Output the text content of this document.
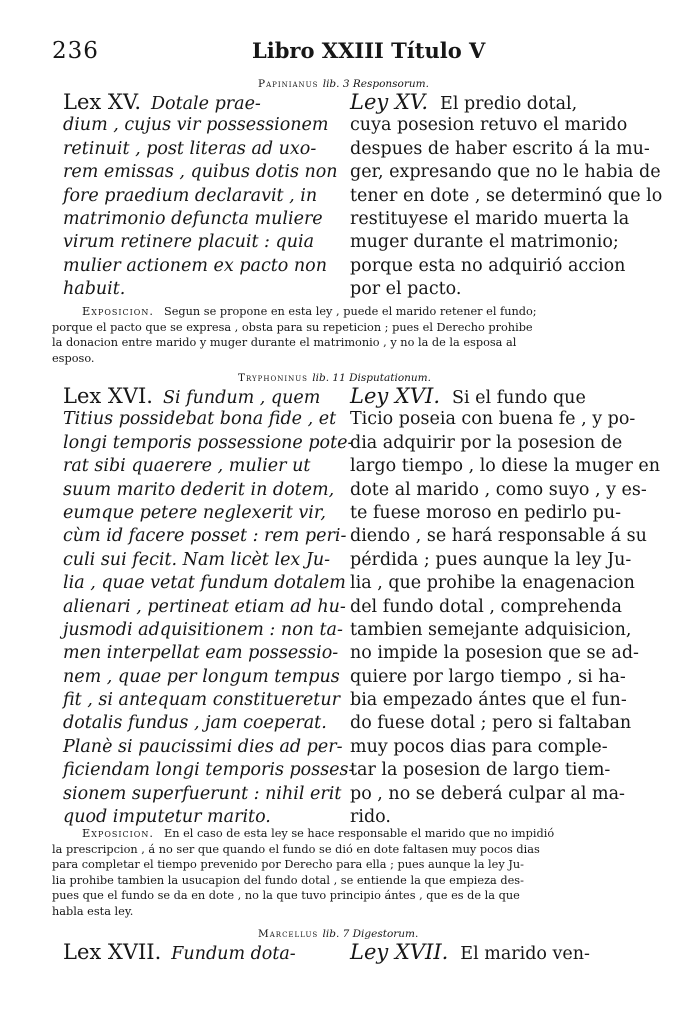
236	Libro XXIII Título V
Papinianus lib. 3 Responsorum.
Lex XV. Dotale prae-
dium , cujus vir possessionem
retinuit , post literas ad uxo-
rem emissas , quibus dotis non
fore praedium declaravit , in
matrimonio defuncta muliere
virum retinere placuit : quia
mulier actionem ex pacto non
habuit.
Ley XV. El predio dotal,
cuya posesion retuvo el marido
despues de haber escrito á la mu-
ger, expresando que no le habia de
tener en dote , se determinó que lo
restituyese el marido muerta la
muger durante el matrimonio;
porque esta no adquirió accion
por el pacto.
Exposicion. Segun se propone en esta ley , puede el marido retener el fundo;
porque el pacto que se expresa , obsta para su repeticion ; pues el Derecho prohibe
la donacion entre marido y muger durante el matrimonio , y no la de la esposa al
esposo.
Tryphoninus lib. 11 Disputationum.
Lex XVI. Si fundum , quem
Titius possidebat bona fide , et
longi temporis possessione pote-
rat sibi quaerere , mulier ut
suum marito dederit in dotem,
eumque petere neglexerit vir,
cùm id facere posset : rem peri-
culi sui fecit. Nam licèt lex Ju-
lia , quae vetat fundum dotalem
alienari , pertineat etiam ad hu-
jusmodi adquisitionem : non ta-
men interpellat eam possessio-
nem , quae per longum tempus
fit , si antequam constitueretur
dotalis fundus , jam coeperat.
Planè si paucissimi dies ad per-
ficiendam longi temporis posses-
sionem superfuerunt : nihil erit
quod imputetur marito.
Ley XVI. Si el fundo que
Ticio poseia con buena fe , y po-
dia adquirir por la posesion de
largo tiempo , lo diese la muger en
dote al marido , como suyo , y es-
te fuese moroso en pedirlo pu-
diendo , se hará responsable á su
pérdida ; pues aunque la ley Ju-
lia , que prohibe la enagenacion
del fundo dotal , comprehenda
tambien semejante adquisicion,
no impide la posesion que se ad-
quiere por largo tiempo , si ha-
bia empezado ántes que el fun-
do fuese dotal ; pero si faltaban
muy pocos dias para comple-
tar la posesion de largo tiem-
po , no se deberá culpar al ma-
rido.
Exposicion. En el caso de esta ley se hace responsable el marido que no impidió
la prescripcion , á no ser que quando el fundo se dió en dote faltasen muy pocos dias
para completar el tiempo prevenido por Derecho para ella ; pues aunque la ley Ju-
lia prohibe tambien la usucapion del fundo dotal , se entiende la que empieza des-
pues que el fundo se da en dote , no la que tuvo principio ántes , que es de la que
habla esta ley.
Marcellus lib. 7 Digestorum.
Lex XVII. Fundum dota-	Ley XVII. El marido ven-
